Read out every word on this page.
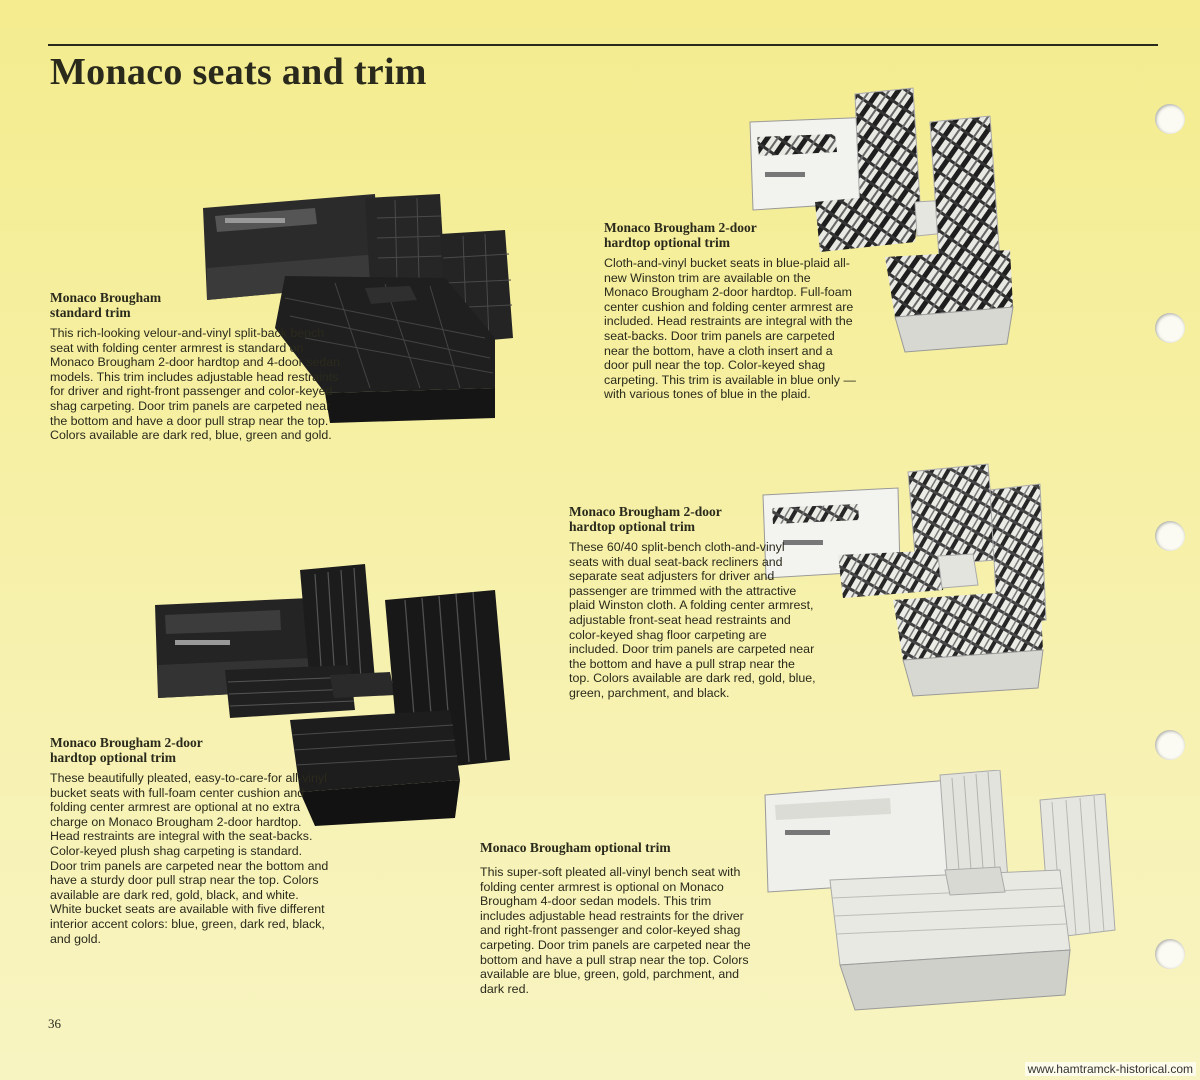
Monaco seats and trim
Monaco Brougham standard trim

This rich-looking velour-and-vinyl split-back bench seat with folding center armrest is standard on Monaco Brougham 2-door hardtop and 4-door sedan models. This trim includes adjustable head restraints for driver and right-front passenger and color-keyed shag carpeting. Door trim panels are carpeted near the bottom and have a door pull strap near the top. Colors available are dark red, blue, green and gold.

Monaco Brougham 2-door hardtop optional trim

Cloth-and-vinyl bucket seats in blue-plaid all-new Winston trim are available on the Monaco Brougham 2-door hardtop. Full-foam center cushion and folding center armrest are included. Head restraints are integral with the seat-backs. Door trim panels are carpeted near the bottom, have a cloth insert and a door pull near the top. Color-keyed shag carpeting. This trim is available in blue only — with various tones of blue in the plaid.

Monaco Brougham 2-door hardtop optional trim

These 60/40 split-bench cloth-and-vinyl seats with dual seat-back recliners and separate seat adjusters for driver and passenger are trimmed with the attractive plaid Winston cloth. A folding center armrest, adjustable front-seat head restraints and color-keyed shag floor carpeting are included. Door trim panels are carpeted near the bottom and have a pull strap near the top. Colors available are dark red, gold, blue, green, parchment, and black.

Monaco Brougham 2-door hardtop optional trim

These beautifully pleated, easy-to-care-for all-vinyl bucket seats with full-foam center cushion and folding center armrest are optional at no extra charge on Monaco Brougham 2-door hardtop. Head restraints are integral with the seat-backs. Color-keyed plush shag carpeting is standard. Door trim panels are carpeted near the bottom and have a sturdy door pull strap near the top. Colors available are dark red, gold, black, and white. White bucket seats are available with five different interior accent colors: blue, green, dark red, black, and gold.

Monaco Brougham optional trim

This super-soft pleated all-vinyl bench seat with folding center armrest is optional on Monaco Brougham 4-door sedan models. This trim includes adjustable head restraints for the driver and right-front passenger and color-keyed shag carpeting. Door trim panels are carpeted near the bottom and have a pull strap near the top. Colors available are blue, green, gold, parchment, and dark red.

36
www.hamtramck-historical.com
